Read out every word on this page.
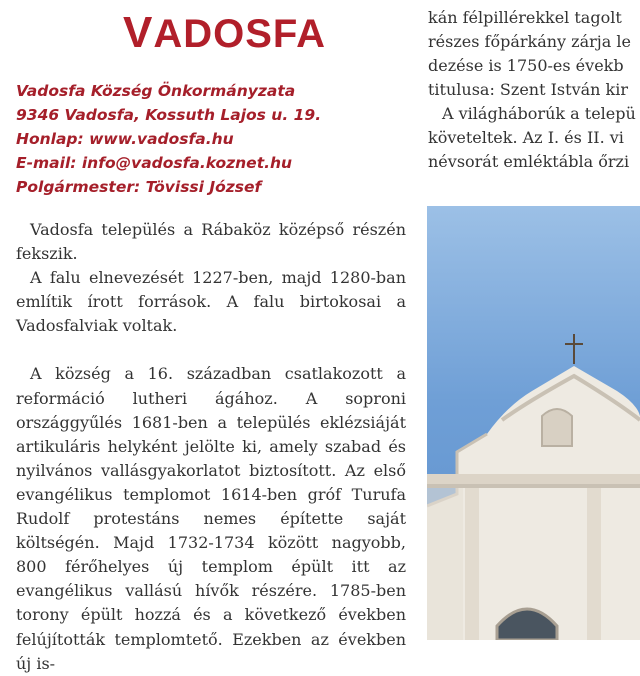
VADOSFA
Vadosfa Község Önkormányzata
9346 Vadosfa, Kossuth Lajos u. 19.
Honlap: www.vadosfa.hu
E-mail: info@vadosfa.koznet.hu
Polgármester: Tövissi József

Vadosfa település a Rábaköz középső részén fekszik.

A falu elnevezését 1227-ben, majd 1280-ban említik írott források. A falu birtokosai a Vadosfalviak voltak.

A község a 16. században csatlakozott a reformáció lutheri ágához. A soproni országgyűlés 1681-ben a település eklézsiáját artikuláris helyként jelölte ki, amely szabad és nyilvános vallásgyakorlatot biztosított. Az első evangélikus templomot 1614-ben gróf Turufa Rudolf protestáns nemes építette saját költségén. Majd 1732-1734 között nagyobb, 800 férőhelyes új templom épült itt az evangélikus vallású hívők részére. 1785-ben torony épült hozzá és a következő években felújították templomtető. Ezekben az években új is-

kán félpillérekkel tagolt
részes főpárkány zárja le
dezése is 1750-es évekb
titulusa: Szent István kir
A világháborúk a telepü
követeltek. Az I. és II. vi
névsorát emléktábla őrzi
